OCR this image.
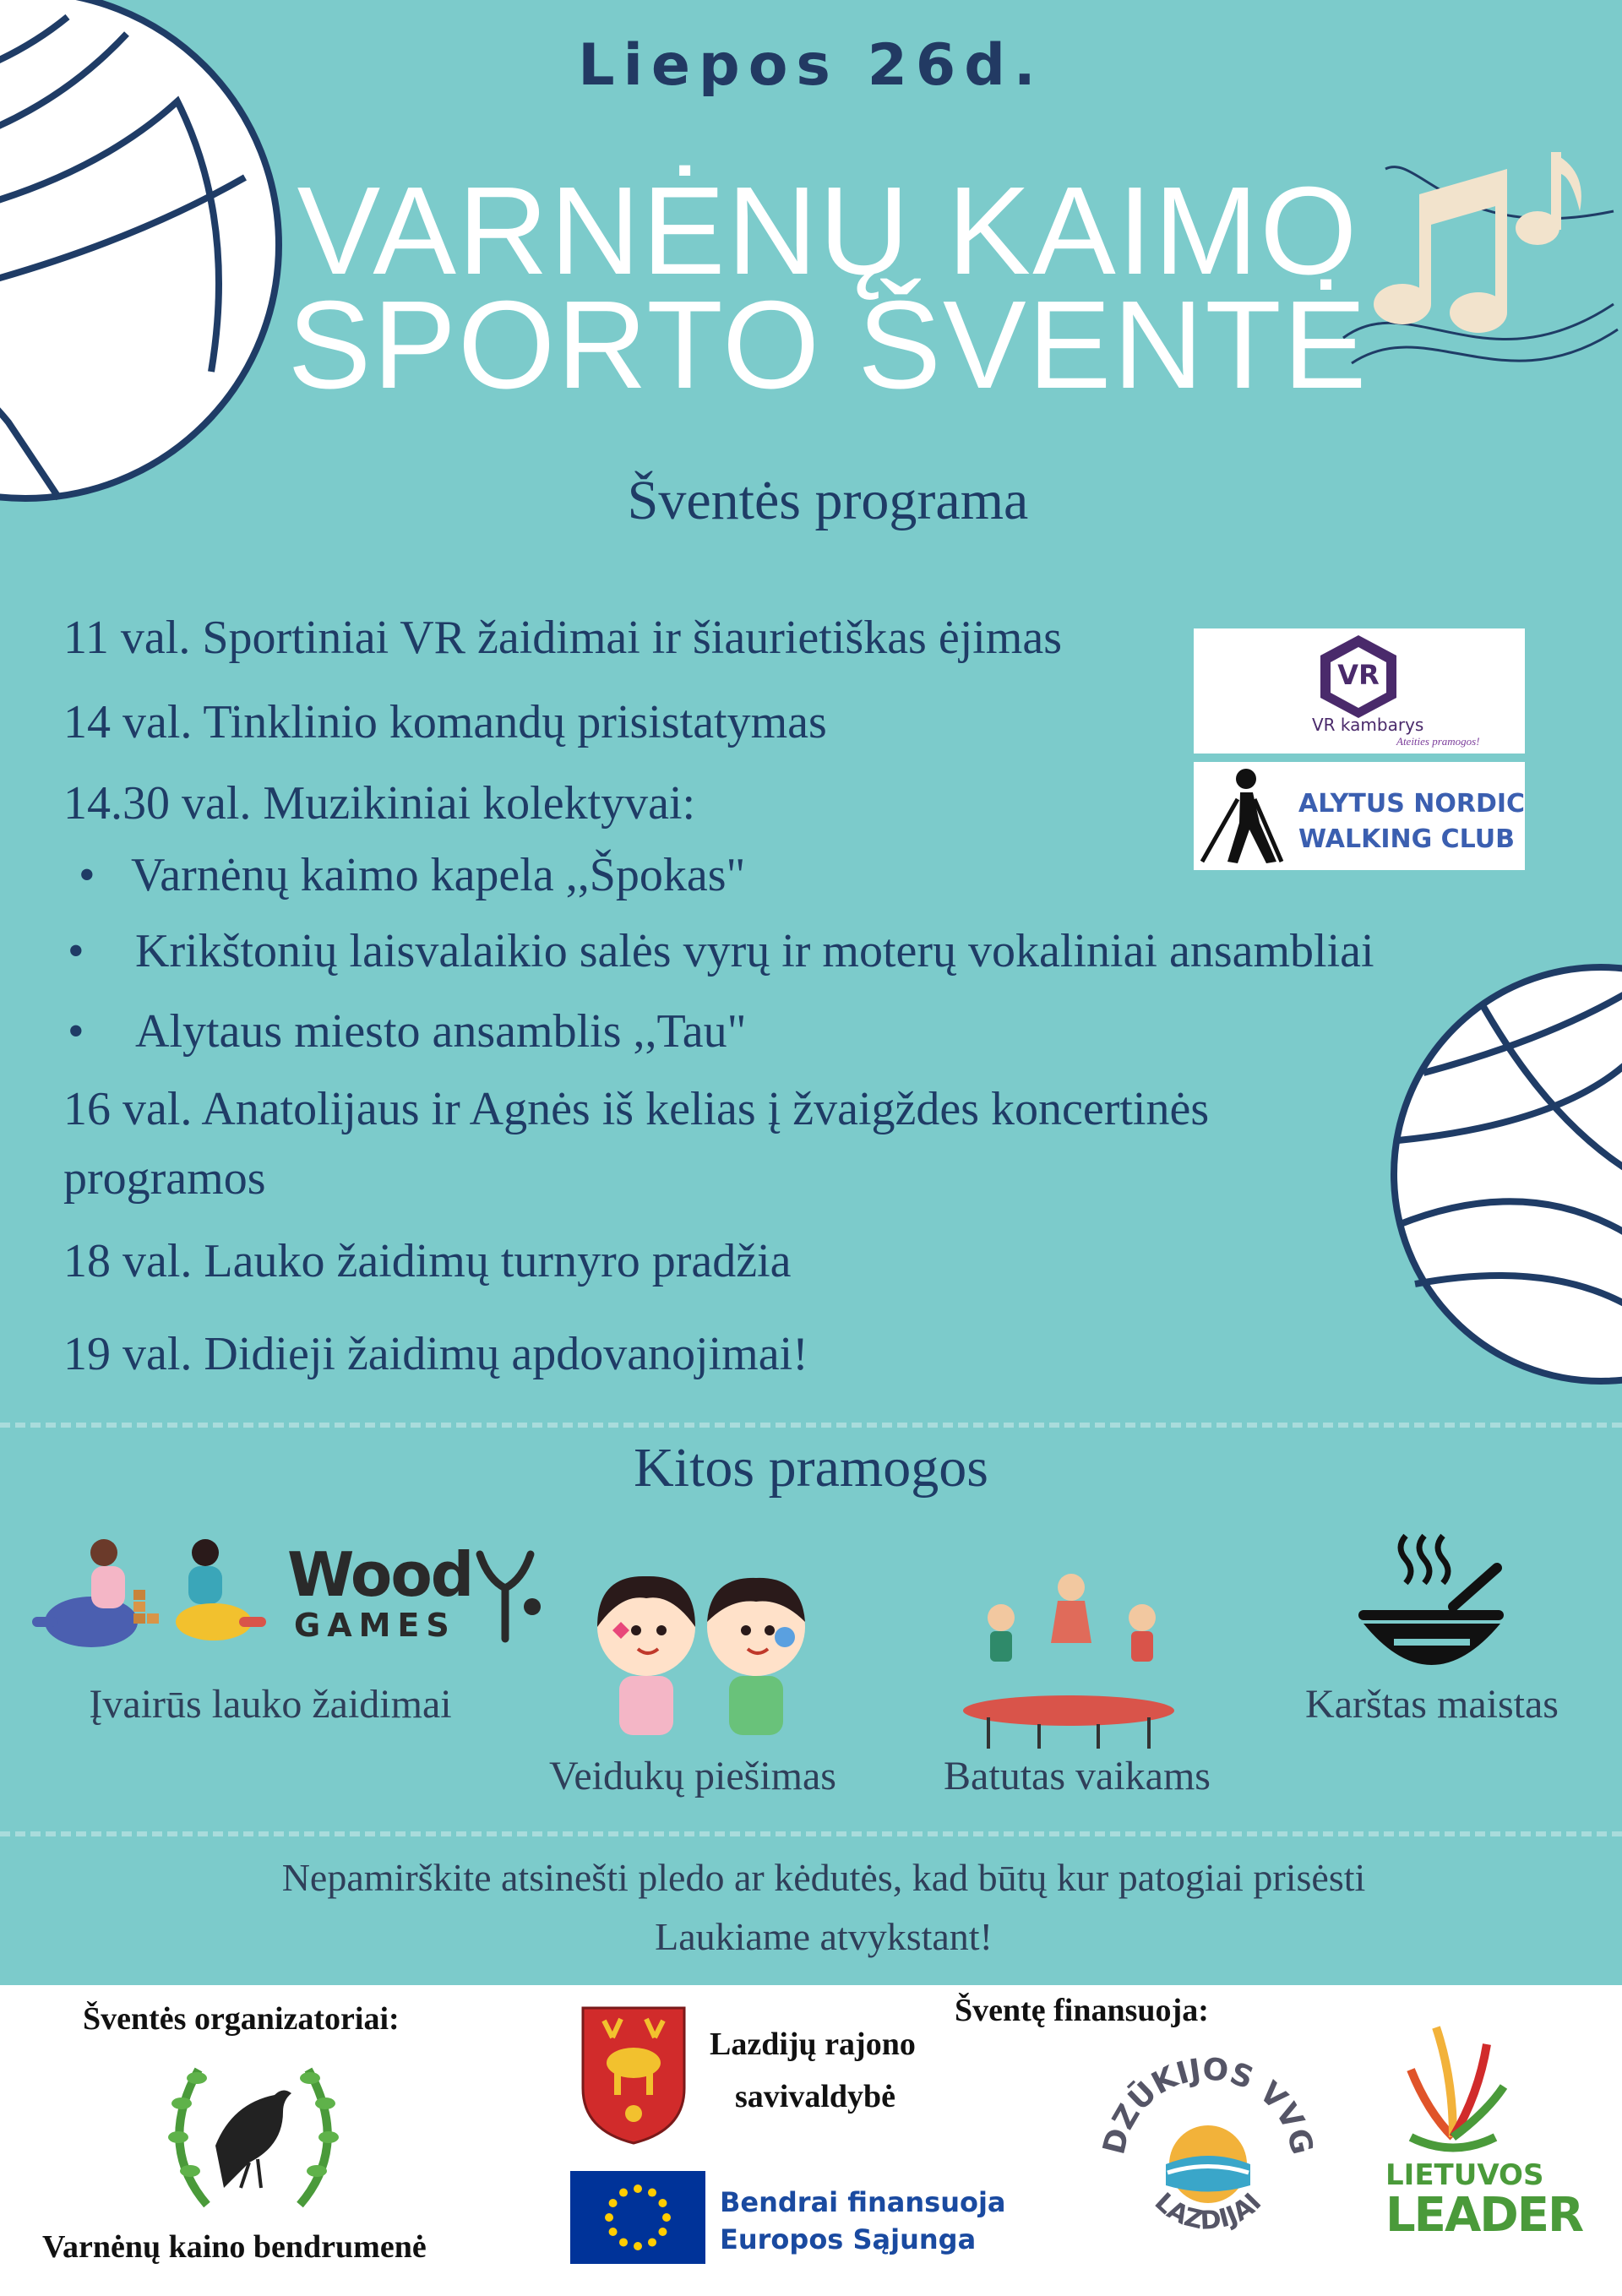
Liepos 26d.
VARNĖNŲ KAIMO
SPORTO ŠVENTĖ
Šventės programa
11 val. Sportiniai VR žaidimai ir šiaurietiškas ėjimas
14 val. Tinklinio komandų prisistatymas
14.30 val. Muzikiniai kolektyvai:
• Varnėnų kaimo kapela ,,Špokas"
• Krikštonių laisvalaikio salės vyrų ir moterų vokaliniai ansambliai
• Alytaus miesto ansamblis ,,Tau"
16 val. Anatolijaus ir Agnės iš kelias į žvaigždes koncertinės
programos
18 val. Lauko žaidimų turnyro pradžia
19 val. Didieji žaidimų apdovanojimai!
VR
VR kambarys
Ateities pramogos!
ALYTUS NORDIC
WALKING CLUB
Kitos pramogos
Wood
GAMES
Įvairūs lauko žaidimai
Veidukų piešimas	Batutas vaikams
Karštas maistas
Nepamirškite atsinešti pledo ar kėdutės, kad būtų kur patogiai prisėsti
Laukiame atvykstant!
Šventės organizatoriai:
Varnėnų kaino bendrumenė
Lazdijų rajono
savivaldybė
Šventę finansuoja:
Bendrai finansuoja
Europos Sąjunga
DZŪKIJOS VVG
LAZDIJAI
LIETUVOS
LEADER
